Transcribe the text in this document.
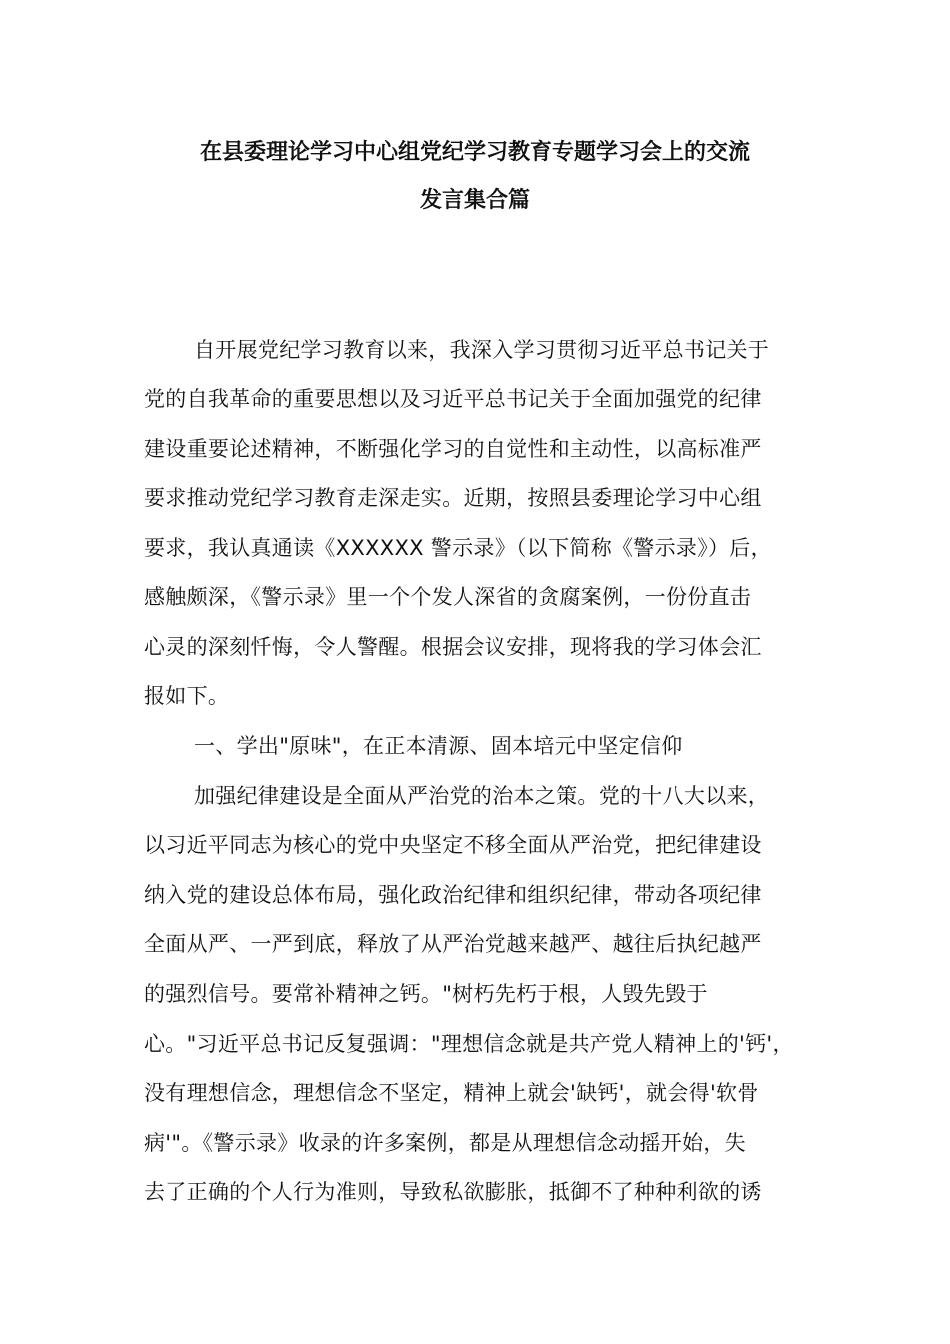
在县委理论学习中心组党纪学习教育专题学习会上的交流
发言集合篇
自开展党纪学习教育以来，我深入学习贯彻习近平总书记关于
党的自我革命的重要思想以及习近平总书记关于全面加强党的纪律
建设重要论述精神，不断强化学习的自觉性和主动性，以高标准严
要求推动党纪学习教育走深走实。近期，按照县委理论学习中心组
要求，我认真通读《XXXXXX 警示录》（以下简称《警示录》）后，
感触颇深，《警示录》里一个个发人深省的贪腐案例，一份份直击
心灵的深刻忏悔，令人警醒。根据会议安排，现将我的学习体会汇
报如下。
一、学出"原味"，在正本清源、固本培元中坚定信仰
加强纪律建设是全面从严治党的治本之策。党的十八大以来，
以习近平同志为核心的党中央坚定不移全面从严治党，把纪律建设
纳入党的建设总体布局，强化政治纪律和组织纪律，带动各项纪律
全面从严、一严到底，释放了从严治党越来越严、越往后执纪越严
的强烈信号。要常补精神之钙。"树朽先朽于根，人毁先毁于
心。"习近平总书记反复强调："理想信念就是共产党人精神上的'钙'，
没有理想信念，理想信念不坚定，精神上就会'缺钙'，就会得'软骨
病'"。《警示录》收录的许多案例，都是从理想信念动摇开始，失
去了正确的个人行为准则，导致私欲膨胀，抵御不了种种利欲的诱
